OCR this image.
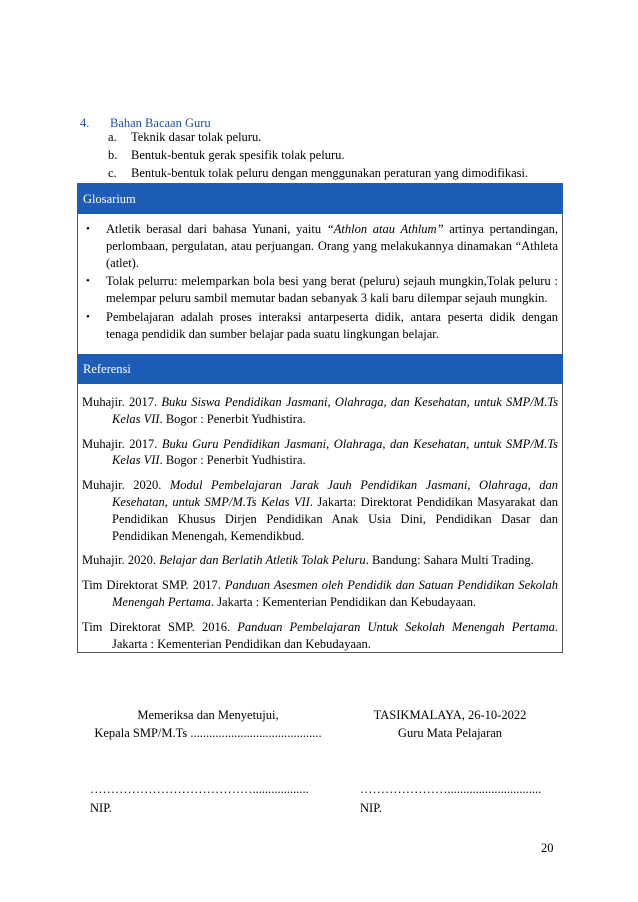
4. Bahan Bacaan Guru
a.	Teknik dasar tolak peluru.
b.	Bentuk-bentuk gerak spesifik tolak peluru.
c.	Bentuk-bentuk tolak peluru dengan menggunakan peraturan yang dimodifikasi.
Glosarium
•	Atletik berasal dari bahasa Yunani, yaitu “Athlon atau Athlum” artinya pertandingan, perlombaan, pergulatan, atau perjuangan. Orang yang melakukannya dinamakan “Athleta (atlet).
•	Tolak pelurru: melemparkan bola besi yang berat (peluru) sejauh mungkin,Tolak peluru : melempar peluru sambil memutar badan sebanyak 3 kali baru dilempar sejauh mungkin.
•	Pembelajaran adalah proses interaksi antarpeserta didik, antara peserta didik dengan tenaga pendidik dan sumber belajar pada suatu lingkungan belajar.
Referensi
Muhajir. 2017. Buku Siswa Pendidikan Jasmani, Olahraga, dan Kesehatan, untuk SMP/M.Ts Kelas VII. Bogor : Penerbit Yudhistira.
Muhajir. 2017. Buku Guru Pendidikan Jasmani, Olahraga, dan Kesehatan, untuk SMP/M.Ts Kelas VII. Bogor : Penerbit Yudhistira.
Muhajir. 2020. Modul Pembelajaran Jarak Jauh Pendidikan Jasmani, Olahraga, dan Kesehatan, untuk SMP/M.Ts Kelas VII. Jakarta: Direktorat Pendidikan Masyarakat dan Pendidikan Khusus Dirjen Pendidikan Anak Usia Dini, Pendidikan Dasar dan Pendidikan Menengah, Kemendikbud.
Muhajir. 2020. Belajar dan Berlatih Atletik Tolak Peluru. Bandung: Sahara Multi Trading.
Tim Direktorat SMP. 2017. Panduan Asesmen oleh Pendidik dan Satuan Pendidikan Sekolah Menengah Pertama. Jakarta : Kementerian Pendidikan dan Kebudayaan.
Tim Direktorat SMP. 2016. Panduan Pembelajaran Untuk Sekolah Menengah Pertama. Jakarta : Kementerian Pendidikan dan Kebudayaan.
Memeriksa dan Menyetujui,
Kepala SMP/M.Ts ..........................................
TASIKMALAYA, 26-10-2022
Guru Mata Pelajaran
…………………………………..................	…………………..............................
NIP.	NIP.
20
